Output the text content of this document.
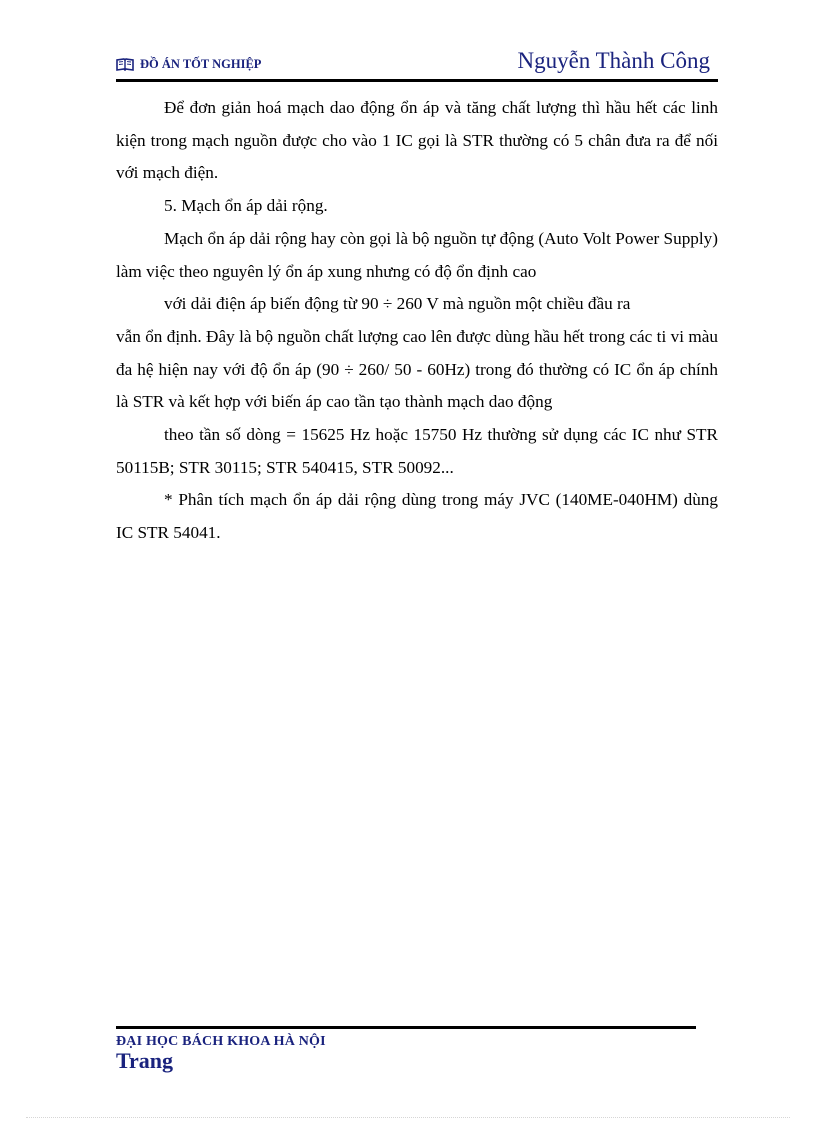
ĐỒ ÁN TỐT NGHIỆP	Nguyễn Thành Công

Để đơn giản hoá mạch dao động ổn áp và tăng chất lượng thì hầu hết các linh kiện trong mạch nguồn được cho vào 1 IC gọi là STR thường có 5 chân đưa ra để nối với mạch điện.

5. Mạch ổn áp dải rộng.

Mạch ổn áp dải rộng hay còn gọi là bộ nguồn tự động (Auto Volt Power Supply) làm việc theo nguyên lý ổn áp xung nhưng có độ ổn định cao

với dải điện áp biến động từ 90 ÷ 260 V mà nguồn một chiều đầu ra

vẫn ổn định. Đây là bộ nguồn chất lượng cao lên được dùng hầu hết trong các ti vi màu đa hệ hiện nay với độ ổn áp (90 ÷ 260/ 50 - 60Hz) trong đó thường có IC ổn áp chính là STR và kết hợp với biến áp cao tần tạo thành mạch dao động

theo tần số dòng = 15625 Hz hoặc 15750 Hz thường sử dụng các IC như STR 50115B; STR 30115; STR 540415, STR 50092...

* Phân tích mạch ổn áp dải rộng dùng trong máy JVC (140ME-040HM) dùng IC STR 54041.

ĐẠI HỌC BÁCH KHOA HÀ NỘI
Trang
